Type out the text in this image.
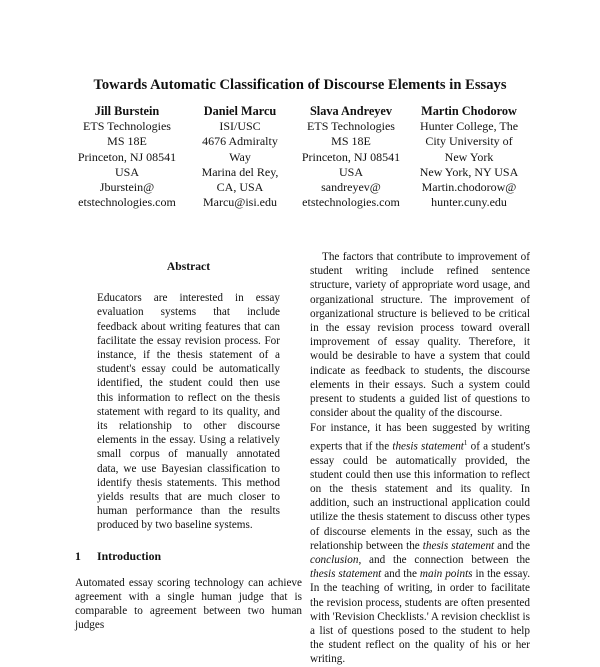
Towards Automatic Classification of Discourse Elements in Essays
Jill Burstein
ETS Technologies
MS 18E
Princeton, NJ 08541
USA
Jburstein@
etstechnologies.com
Daniel Marcu
ISI/USC
4676 Admiralty
Way
Marina del Rey,
CA, USA
Marcu@isi.edu
Slava Andreyev
ETS Technologies
MS 18E
Princeton, NJ 08541
USA
sandreyev@
etstechnologies.com
Martin Chodorow
Hunter College, The
City University of
New York
New York, NY USA
Martin.chodorow@
hunter.cuny.edu
Abstract

Educators are interested in essay evaluation systems that include feedback about writing features that can facilitate the essay revision process. For instance, if the thesis statement of a student's essay could be automatically identified, the student could then use this information to reflect on the thesis statement with regard to its quality, and its relationship to other discourse elements in the essay. Using a relatively small corpus of manually annotated data, we use Bayesian classification to identify thesis statements. This method yields results that are much closer to human performance than the results produced by two baseline systems.

1 Introduction

Automated essay scoring technology can achieve agreement with a single human judge that is comparable to agreement between two human judges

The factors that contribute to improvement of student writing include refined sentence structure, variety of appropriate word usage, and organizational structure. The improvement of organizational structure is believed to be critical in the essay revision process toward overall improvement of essay quality. Therefore, it would be desirable to have a system that could indicate as feedback to students, the discourse elements in their essays. Such a system could present to students a guided list of questions to consider about the quality of the discourse.

For instance, it has been suggested by writing experts that if the thesis statement$^1$ of a student's essay could be automatically provided, the student could then use this information to reflect on the thesis statement and its quality. In addition, such an instructional application could utilize the thesis statement to discuss other types of discourse elements in the essay, such as the relationship between the thesis statement and the conclusion, and the connection between the thesis statement and the main points in the essay. In the teaching of writing, in order to facilitate the revision process, students are often presented with 'Revision Checklists.' A revision checklist is a list of questions posed to the student to help the student reflect on the quality of his or her writing.
